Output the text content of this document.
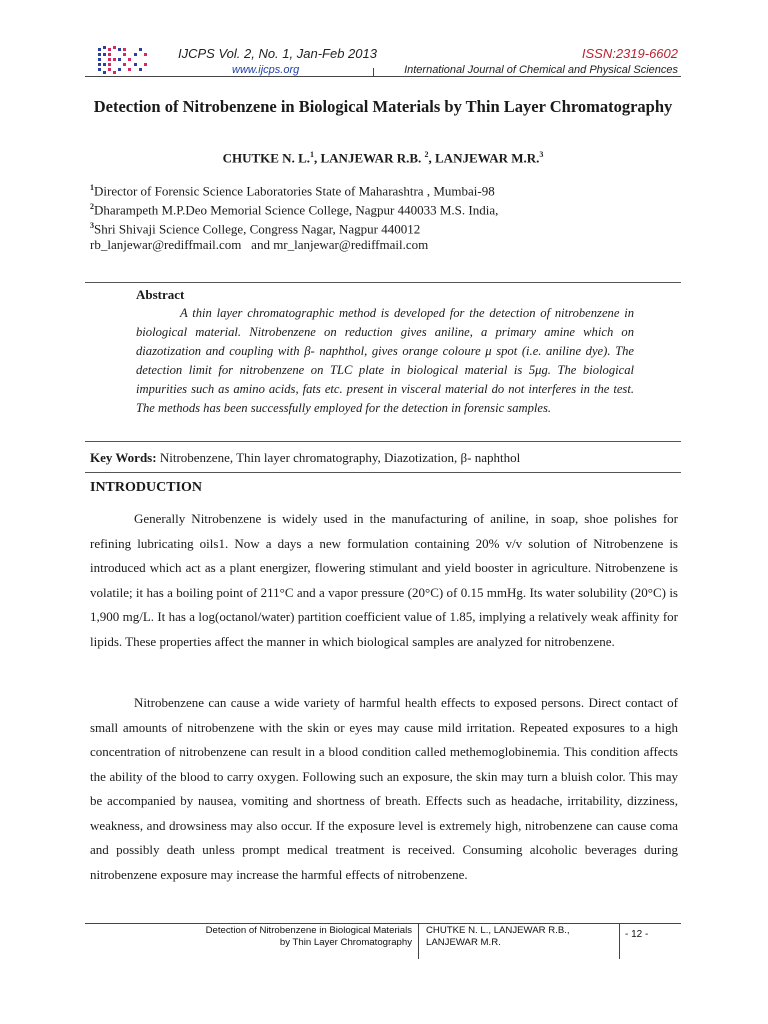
IJCPS Vol. 2, No. 1, Jan-Feb 2013
www.ijcps.org
ISSN:2319-6602
International Journal of Chemical and Physical Sciences
Detection of Nitrobenzene in Biological Materials by Thin Layer Chromatography
CHUTKE N. L.$^1$, LANJEWAR R.B. $^2$, LANJEWAR M.R.$^3$
$^1$Director of Forensic Science Laboratories State of Maharashtra , Mumbai-98
$^2$Dharampeth M.P.Deo Memorial Science College, Nagpur 440033 M.S. India,
$^3$Shri Shivaji Science College, Congress Nagar, Nagpur 440012
rb_lanjewar@rediffmail.com   and mr_lanjewar@rediffmail.com
Abstract
A thin layer chromatographic method is developed for the detection of nitrobenzene in biological material. Nitrobenzene on reduction gives aniline, a primary amine which on diazotization and coupling with β- naphthol, gives orange coloure μ spot (i.e. aniline dye). The detection limit for nitrobenzene on TLC plate in biological material is 5μg. The biological impurities such as amino acids, fats etc. present in visceral material do not interferes in the test. The methods has been successfully employed for the detection in forensic samples.
Key Words: Nitrobenzene, Thin layer chromatography, Diazotization, β- naphthol
INTRODUCTION
Generally Nitrobenzene is widely used in the manufacturing of aniline, in soap, shoe polishes for refining lubricating oils1. Now a days a new formulation containing 20% v/v solution of Nitrobenzene is introduced which act as a plant energizer, flowering stimulant and yield booster in agriculture. Nitrobenzene is volatile; it has a boiling point of 211°C and a vapor pressure (20°C) of 0.15 mmHg. Its water solubility (20°C) is 1,900 mg/L. It has a log(octanol/water) partition coefficient value of 1.85, implying a relatively weak affinity for lipids. These properties affect the manner in which biological samples are analyzed for nitrobenzene.
Nitrobenzene can cause a wide variety of harmful health effects to exposed persons. Direct contact of small amounts of nitrobenzene with the skin or eyes may cause mild irritation. Repeated exposures to a high concentration of nitrobenzene can result in a blood condition called methemoglobinemia. This condition affects the ability of the blood to carry oxygen. Following such an exposure, the skin may turn a bluish color. This may be accompanied by nausea, vomiting and shortness of breath. Effects such as headache, irritability, dizziness, weakness, and drowsiness may also occur. If the exposure level is extremely high, nitrobenzene can cause coma and possibly death unless prompt medical treatment is received. Consuming alcoholic beverages during nitrobenzene exposure may increase the harmful effects of nitrobenzene.
Detection of Nitrobenzene in Biological Materials
by Thin Layer Chromatography
CHUTKE N. L., LANJEWAR R.B.,
LANJEWAR M.R.
- 12 -
